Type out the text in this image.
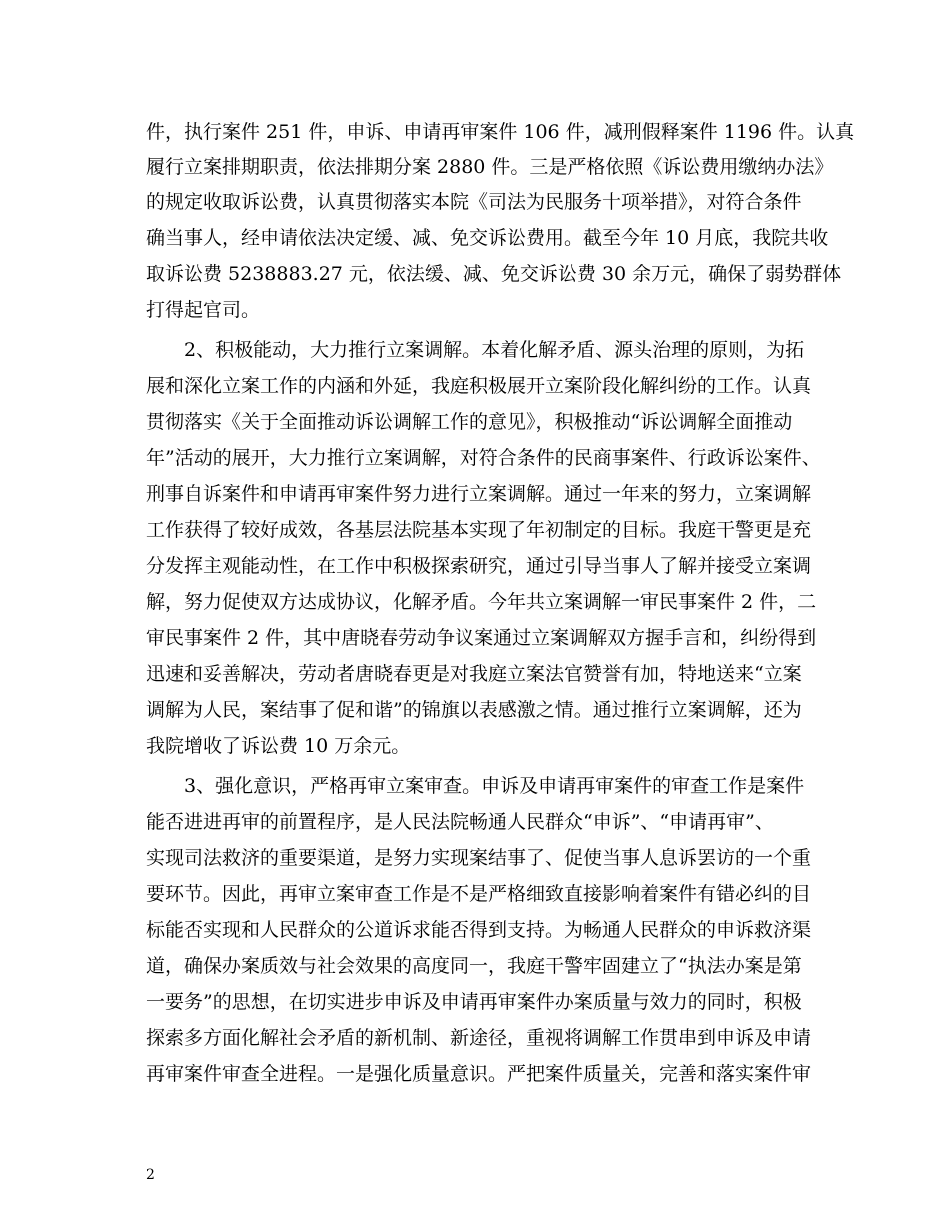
件，执行案件 251 件，申诉、申请再审案件 106 件，减刑假释案件 1196 件。认真
履行立案排期职责，依法排期分案 2880 件。三是严格依照《诉讼费用缴纳办法》
的规定收取诉讼费，认真贯彻落实本院《司法为民服务十项举措》，对符合条件
确当事人，经申请依法决定缓、减、免交诉讼费用。截至今年 10 月底，我院共收
取诉讼费 5238883.27 元，依法缓、减、免交诉讼费 30 余万元，确保了弱势群体
打得起官司。
2、积极能动，大力推行立案调解。本着化解矛盾、源头治理的原则，为拓
展和深化立案工作的内涵和外延，我庭积极展开立案阶段化解纠纷的工作。认真
贯彻落实《关于全面推动诉讼调解工作的意见》，积极推动“诉讼调解全面推动
年”活动的展开，大力推行立案调解，对符合条件的民商事案件、行政诉讼案件、
刑事自诉案件和申请再审案件努力进行立案调解。通过一年来的努力，立案调解
工作获得了较好成效，各基层法院基本实现了年初制定的目标。我庭干警更是充
分发挥主观能动性，在工作中积极探索研究，通过引导当事人了解并接受立案调
解，努力促使双方达成协议，化解矛盾。今年共立案调解一审民事案件 2 件，二
审民事案件 2 件，其中唐晓春劳动争议案通过立案调解双方握手言和，纠纷得到
迅速和妥善解决，劳动者唐晓春更是对我庭立案法官赞誉有加，特地送来“立案
调解为人民，案结事了促和谐”的锦旗以表感激之情。通过推行立案调解，还为
我院增收了诉讼费 10 万余元。
3、强化意识，严格再审立案审查。申诉及申请再审案件的审查工作是案件
能否进进再审的前置程序，是人民法院畅通人民群众“申诉”、“申请再审”、
实现司法救济的重要渠道，是努力实现案结事了、促使当事人息诉罢访的一个重
要环节。因此，再审立案审查工作是不是严格细致直接影响着案件有错必纠的目
标能否实现和人民群众的公道诉求能否得到支持。为畅通人民群众的申诉救济渠
道，确保办案质效与社会效果的高度同一，我庭干警牢固建立了“执法办案是第
一要务”的思想，在切实进步申诉及申请再审案件办案质量与效力的同时，积极
探索多方面化解社会矛盾的新机制、新途径，重视将调解工作贯串到申诉及申请
再审案件审查全进程。一是强化质量意识。严把案件质量关，完善和落实案件审
2
